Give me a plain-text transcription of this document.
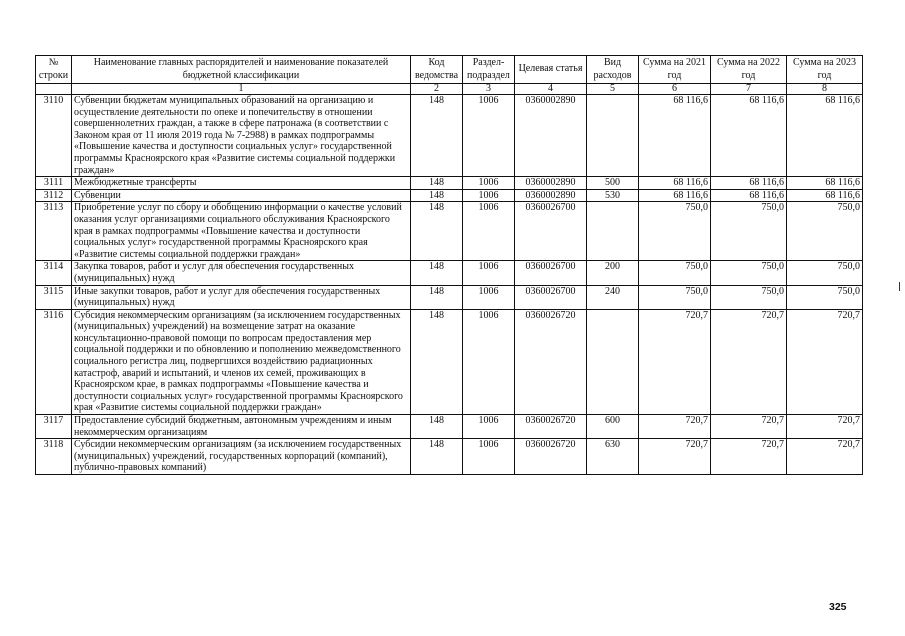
№ строки	Наименование главных распорядителей и наименование показателей бюджетной классификации	Код ведомства	Раздел-подраздел	Целевая статья	Вид расходов	Сумма на 2021 год	Сумма на 2022 год	Сумма на 2023 год
	1	2	3	4	5	6	7	8
3110	Субвенции бюджетам муниципальных образований на организацию и осуществление деятельности по опеке и попечительству в отношении совершеннолетних граждан, а также в сфере патронажа (в соответствии с Законом края от 11 июля 2019 года № 7-2988) в рамках подпрограммы «Повышение качества и доступности социальных услуг» государственной программы Красноярского края «Развитие системы социальной поддержки граждан»	148	1006	0360002890		68 116,6	68 116,6	68 116,6
3111	Межбюджетные трансферты	148	1006	0360002890	500	68 116,6	68 116,6	68 116,6
3112	Субвенции	148	1006	0360002890	530	68 116,6	68 116,6	68 116,6
3113	Приобретение услуг по сбору и обобщению информации о качестве условий оказания услуг организациями социального обслуживания Красноярского края в рамках подпрограммы «Повышение качества и доступности социальных услуг» государственной программы Красноярского края «Развитие системы социальной поддержки граждан»	148	1006	0360026700		750,0	750,0	750,0
3114	Закупка товаров, работ и услуг для обеспечения государственных (муниципальных) нужд	148	1006	0360026700	200	750,0	750,0	750,0
3115	Иные закупки товаров, работ и услуг для обеспечения государственных (муниципальных) нужд	148	1006	0360026700	240	750,0	750,0	750,0
3116	Субсидия некоммерческим организациям (за исключением государственных (муниципальных) учреждений) на возмещение затрат на оказание консультационно-правовой помощи по вопросам предоставления мер социальной поддержки и по обновлению и пополнению межведомственного социального регистра лиц, подвергшихся воздействию радиационных катастроф, аварий и испытаний, и членов их семей, проживающих в Красноярском крае, в рамках подпрограммы «Повышение качества и доступности социальных услуг» государственной программы Красноярского края «Развитие системы социальной поддержки граждан»	148	1006	0360026720		720,7	720,7	720,7
3117	Предоставление субсидий бюджетным, автономным учреждениям и иным некоммерческим организациям	148	1006	0360026720	600	720,7	720,7	720,7
3118	Субсидии некоммерческим организациям (за исключением государственных (муниципальных) учреждений, государственных корпораций (компаний), публично-правовых компаний)	148	1006	0360026720	630	720,7	720,7	720,7
325
